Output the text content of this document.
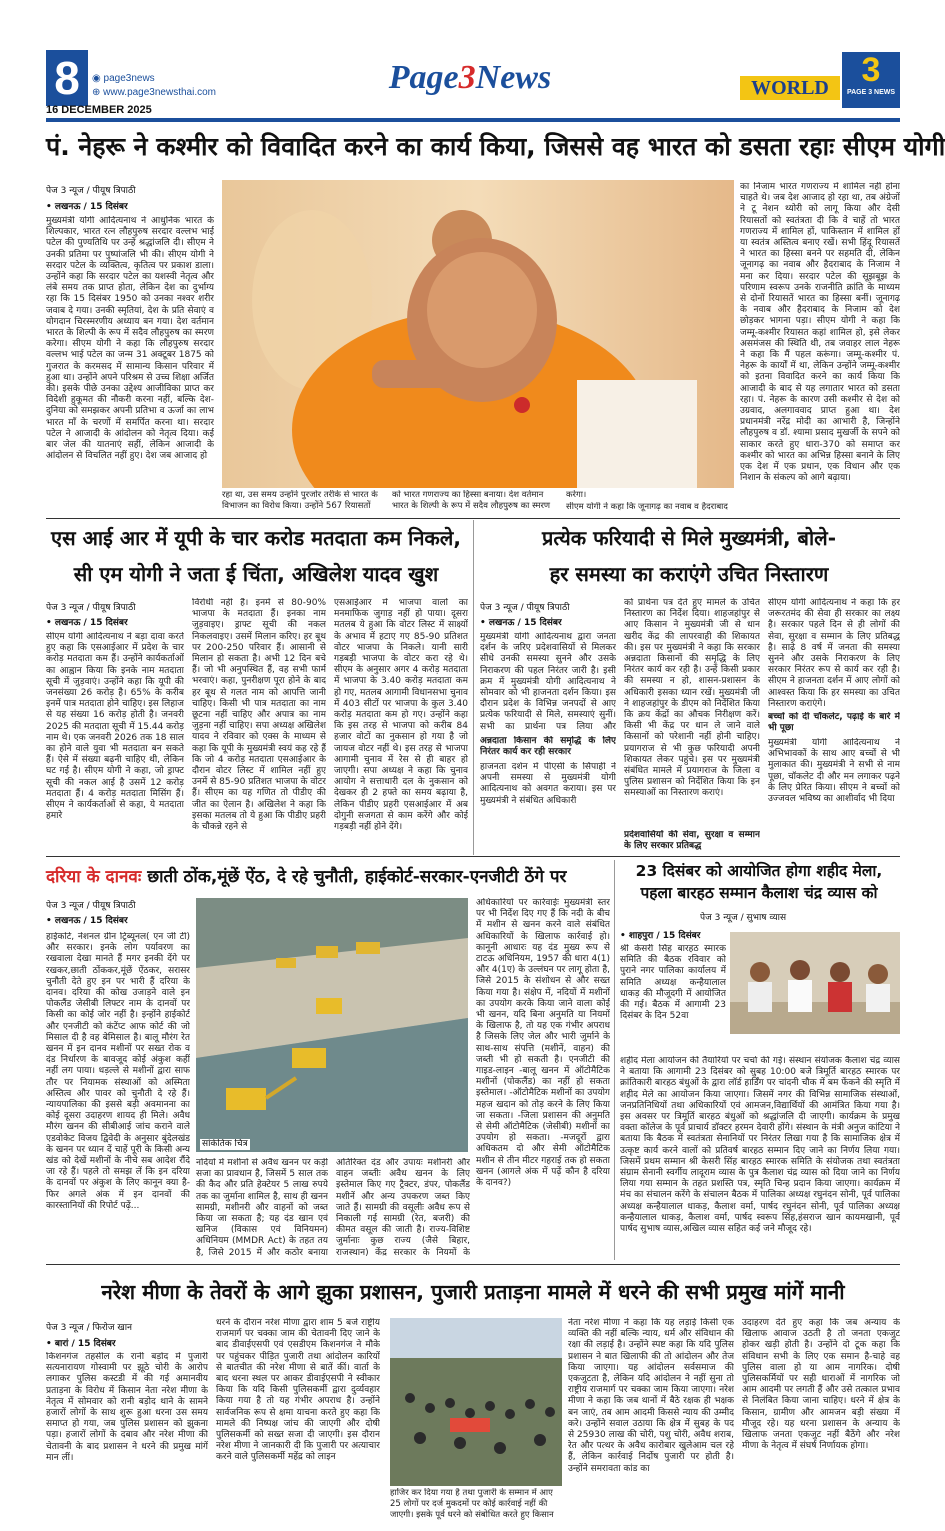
8	◉ page3news
⊕ www.page3newsthai.com	Page3News
16 DECEMBER 2025
WORLD 3
PAGE 3 NEWS
पं. नेहरू ने कश्मीर को विवादित करने का कार्य किया, जिससे वह भारत को डसता रहाः सीएम योगी
पेज 3 न्यूज / पीयूष त्रिपाठी
• लखनऊ / 15 दिसंबर
मुख्यमंत्री योगी आदित्यनाथ ने आधुनिक भारत के शिल्पकार, भारत रत्न लौहपुरुष सरदार वल्लभ भाई पटेल की पुण्यतिथि पर उन्हें श्रद्धांजलि दी। सीएम ने उनकी प्रतिमा पर पुष्पांजलि भी की। सीएम योगी ने सरदार पटेल के व्यक्तित्व, कृतित्व पर प्रकाश डाला। उन्होंने कहा कि सरदार पटेल का यशस्वी नेतृत्व और लंबे समय तक प्राप्त होता, लेकिन देश का दुर्भाग्य रहा कि 15 दिसंबर 1950 को उनका नश्वर शरीर जवाब दे गया। उनकी स्मृतियां, देश के प्रति सेवाएं व योगदान चिरस्मरणीय अध्याय बन गया। देश वर्तमान भारत के शिल्पी के रूप में सदैव लौहपुरुष का स्मरण करेगा। सीएम योगी ने कहा कि लौहपुरुष सरदार वल्लभ भाई पटेल का जन्म 31 अक्टूबर 1875 को गुजरात के करमसद में सामान्य किसान परिवार में हुआ था। उन्होंने अपने परिश्रम से उच्च शिक्षा अर्जित की। इसके पीछे उनका उद्देश्य आजीविका प्राप्त कर विदेशी हुकूमत की नौकरी करना नहीं, बल्कि देश-दुनिया को समझकर अपनी प्रतिभा व ऊर्जा का लाभ भारत माँ के चरणों में समर्पित करना था। सरदार पटेल ने आजादी के आंदोलन को नेतृत्व दिया। कई बार जेल की यातनाएं सहीं, लेकिन आजादी के आंदोलन से विचलित नहीं हुए। देश जब आजाद हो
रहा था, उस समय उन्होंने पुरजोर तरीके से भारत के विभाजन का विरोध किया। उन्होंने 567 रियासतों
को भारत गणराज्य का हिस्सा बनाया। देश वर्तमान भारत के शिल्पी के रूप में सदैव लौहपुरुष का स्मरण
करेगा।
सीएम योगी ने कहा कि जूनागढ़ का नवाब व हैदराबाद
का निजाम भारत गणराज्य में शामिल नहीं होना चाहते थे। जब देश आजाद हो रहा था, तब अंग्रेजों ने टू नेशन थ्योरी को लागू किया और देसी रियासतों को स्वतंत्रता दी कि वे चाहें तो भारत गणराज्य में शामिल हों, पाकिस्तान में शामिल हों या स्वतंत्र अस्तित्व बनाए रखें। सभी हिंदू रियासतें ने भारत का हिस्सा बनने पर सहमति दी, लेकिन जूनागढ़ का नवाब और हैदराबाद के निजाम ने मना कर दिया। सरदार पटेल की सूझबूझ के परिणाम स्वरूप उनके राजनीति क्रांति के माध्यम से दोनों रियासतें भारत का हिस्सा बनीं। जूनागढ़ के नवाब और हैदराबाद के निजाम को देश छोड़कर भागना पड़ा। सीएम योगी ने कहा कि जम्मू-कश्मीर रियासत कहां शामिल हो, इसे लेकर असमंजस की स्थिति थी, तब जवाहर लाल नेहरू ने कहा कि मैं पहल करूंगा। जम्मू-कश्मीर पं. नेहरू के कार्यों में था, लेकिन उन्होंने जम्मू-कश्मीर को इतना विवादित करने का कार्य किया कि आजादी के बाद से यह लगातार भारत को डसता रहा। पं. नेहरू के कारण उसी कश्मीर से देश को उग्रवाद, अलगाववाद प्राप्त हुआ था। देश प्रधानमंत्री नरेंद्र मोदी का आभारी है, जिन्होंने लौहपुरुष व डॉ. श्यामा प्रसाद मुखर्जी के सपने को साकार करते हुए धारा-370 को समाप्त कर कश्मीर को भारत का अभिन्न हिस्सा बनाने के लिए एक देश में एक प्रधान, एक विधान और एक निशान के संकल्प को आगे बढ़ाया।
एस आई आर में यूपी के चार करोड मतदाता कम निकले,
सी एम योगी ने जता ई चिंता, अखिलेश यादव खुश
पेज 3 न्यूज / पीयूष त्रिपाठी
• लखनऊ / 15 दिसंबर
सीएम योगी आदित्यनाथ ने बड़ा दावा करते हुए कहा कि एसआईआर में प्रदेश के चार करोड़ मतदाता कम हैं। उन्होंने कार्यकर्ताओं का आह्वान किया कि इनके नाम मतदाता सूची में जुड़वाएं। उन्होंने कहा कि यूपी की जनसंख्या 26 करोड़ है। 65% के करीब इनमें पात्र मतदाता होने चाहिए। इस लिहाज से यह संख्या 16 करोड़ होती है। जनवरी 2025 की मतदाता सूची में 15.44 करोड़ नाम थे। एक जनवरी 2026 तक 18 साल का होने वाले युवा भी मतदाता बन सकते हैं। ऐसे में संख्या बढ़नी चाहिए थी, लेकिन घट गई है। सीएम योगी ने कहा, जो ड्राफ्ट सूची की नकल आई है उसमें 12 करोड़ मतदाता हैं। 4 करोड़ मतदाता मिसिंग हैं। सीएम ने कार्यकर्ताओं से कहा, ये मतदाता हमारे
विरोधी नहीं हैं। इनमें से 80-90% भाजपा के मतदाता हैं। इनका नाम जुड़वाइए। ड्राफ्ट सूची की नकल निकलवाइए। उसमें मिलान करिए। हर बूथ पर 200-250 परिवार हैं। आसानी से मिलान हो सकता है। अभी 12 दिन बचे हैं। जो भी अनुपस्थित हैं, वह सभी फार्म भरवाएं। कहा, पुनरीक्षण पूरा होने के बाद हर बूथ से गलत नाम को आपत्ति जानी चाहिए। किसी भी पात्र मतदाता का नाम छूटना नहीं चाहिए और अपात्र का नाम जुड़ना नहीं चाहिए। सपा अध्यक्ष अखिलेश यादव ने रविवार को एक्स के माध्यम से कहा कि यूपी के मुख्यमंत्री स्वयं कह रहे हैं कि जो 4 करोड़ मतदाता एसआईआर के दौरान वोटर लिस्ट में शामिल नहीं हुए उनमें से 85-90 प्रतिशत भाजपा के वोटर हैं। सीएम का यह गणित तो पीडीए की जीत का ऐलान है। अखिलेश ने कहा कि इसका मतलब तो ये हुआ कि पीडीए प्रहरी के चौकन्ने रहने से
एसआईआर में भाजपा वालों का मनमाफिक जुगाड़ नहीं हो पाया। दूसरा मतलब ये हुआ कि वोटर लिस्ट में साक्ष्यों के अभाव में हटाए गए 85-90 प्रतिशत वोटर भाजपा के निकले। यानी सारी गड़बड़ी भाजपा के वोटर करा रहे थे। सीएम के अनुसार अगर 4 करोड़ मतदाता में भाजपा के 3.40 करोड़ मतदाता कम हो गए, मतलब आगामी विधानसभा चुनाव में 403 सीटों पर भाजपा के कुल 3.40 करोड़ मतदाता कम हो गए। उन्होंने कहा कि इस तरह से भाजपा को करीब 84 हजार वोटों का नुकसान हो गया है जो जायज वोटर नहीं थे। इस तरह से भाजपा आगामी चुनाव में रेस से ही बाहर हो जाएगी। सपा अध्यक्ष ने कहा कि चुनाव आयोग ने सत्ताधारी दल के नुकसान को देखकर ही 2 हफ्ते का समय बढ़ाया है, लेकिन पीडीए प्रहरी एसआईआर में अब दोगुनी सजगता से काम करेंगे और कोई गड़बड़ी नहीं होने देंगे।
प्रत्येक फरियादी से मिले मुख्यमंत्री, बोले-
हर समस्या का कराएंगे उचित निस्तारण
पेज 3 न्यूज / पीयूष त्रिपाठी
• लखनऊ / 15 दिसंबर
मुख्यमंत्री योगी आदित्यनाथ द्वारा जनता दर्शन के जरिए प्रदेशवासियों से मिलकर सीधे उनकी समस्या सुनने और उसके निराकरण की पहल निरंतर जारी है। इसी क्रम में मुख्यमंत्री योगी आदित्यनाथ ने सोमवार को भी हाजनता दर्शन किया। इस दौरान प्रदेश के विभिन्न जनपदों से आए प्रत्येक फरियादी से मिले, समस्याएं सुनीं। सभी का प्रार्थना पत्र लिया और
अन्नदाता किसान की समृद्धि के लिए निरंतर कार्य कर रही सरकार
हाजनता दर्शन में पीएसी के सिपाही ने अपनी समस्या से मुख्यमंत्री योगी आदित्यनाथ को अवगत कराया। इस पर मुख्यमंत्री ने संबंधित अधिकारी
को प्रार्थना पत्र देते हुए मामले के उचित निस्तारण का निर्देश दिया। शाहजहांपुर से आए किसान ने मुख्यमंत्री जी से धान खरीद केंद्र की लापरवाही की शिकायत की। इस पर मुख्यमंत्री ने कहा कि सरकार अन्नदाता किसानों की समृद्धि के लिए निरंतर कार्य कर रही है। उन्हें किसी प्रकार की समस्या न हो, शासन-प्रशासन के अधिकारी इसका ध्यान रखें। मुख्यमंत्री जी ने शाहजहांपुर के डीएम को निर्देशित किया कि क्रय केंद्रों का औचक निरीक्षण करें। किसी भी केंद्र पर धान ले जाने वाले किसानों को परेशानी नहीं होनी चाहिए। प्रयागराज से भी कुछ फरियादी अपनी शिकायत लेकर पहुंचे। इस पर मुख्यमंत्री संबंधित मामले में प्रयागराज के जिला व पुलिस प्रशासन को निर्देशित किया कि इन समस्याओं का निस्तारण कराएं।
प्रदेशवासियों की सेवा, सुरक्षा व सम्मान के लिए सरकार प्रतिबद्ध
सीएम योगी आदित्यनाथ ने कहा कि हर जरूरतमंद की सेवा ही सरकार का लक्ष्य है। सरकार पहले दिन से ही लोगों की सेवा, सुरक्षा व सम्मान के लिए प्रतिबद्ध है। साढ़े 8 वर्ष में जनता की समस्या सुनने और उसके निराकरण के लिए सरकार निरंतर रूप से कार्य कर रही है। सीएम ने हाजनता दर्शन में आए लोगों को आश्वस्त किया कि हर समस्या का उचित निस्तारण कराएंगे।
बच्चों को दी चॉकलेट, पढ़ाई के बारे में भी पूछा
मुख्यमंत्री योगी आदित्यनाथ ने अभिभावकों के साथ आए बच्चों से भी मुलाकात की। मुख्यमंत्री ने सभी से नाम पूछा, चॉकलेट दी और मन लगाकर पढ़ने के लिए प्रेरित किया। सीएम ने बच्चों को उज्जवल भविष्य का आशीर्वाद भी दिया
दरिया के दानवः छाती ठोंक,मूंछें ऐंठ, दे रहे चुनौती, हाईकोर्ट-सरकार-एनजीटी ठेंगे पर
पेज 3 न्यूज / पीयूष त्रिपाठी
• लखनऊ / 15 दिसंबर
हाईकोर्ट, नेशनल ग्रीन ट्रिब्यूनल( एन जी टी) और सरकार। इनके लोग पर्यावरण का रखवाला देखा मानते हैं मगर इनकी देंगे पर रखकर,छाती ठोंककर,मूंछें ऐंठकर, सरासर चुनौती देते हुए इन पर भारी हैं दरिया के दानव। दरिया की कोख उजाड़ने वाले इन पोकलैंड जेसीबी लिफ्टर नाम के दानवों पर किसी का कोई जोर नहीं है। इन्होंने हाईकोर्ट और एनजीटी को कंटेंप्ट आफ कोर्ट की जो मिसाल दी है वह बेमिसाल है। बालू मौरंग रेत खनन में इन दानव मशीनों पर सख्त रोक व दंड निर्धारण के बावजूद कोई अंकुश कहीं नहीं लग पाया। धड़ल्ले से मशीनों द्वारा साफ तौर पर नियामक संस्थाओं को अस्मिता अस्तित्व और पावर को चुनौती दे रहे हैं। न्यायपालिका की इससे बड़ी अवमानना का कोई दूसरा उदाहरण शायद ही मिले। अवैध मौरंग खनन की सीबीआई जांच कराने वाले एडवोकेट विजय द्विवेदी के अनुसार बुंदेलखंड के खनन पर ध्यान दें चाहें पूरी के किसी अन्य खंड को देखें मशीनों के नीचे सब आदेश रौंदे जा रहे हैं। पहले तो समझ लें कि इन दरिया के दानवों पर अंकुश के लिए कानून क्या है- फिर अगले अंक में इन दानवों की कारस्तानियों की रिपोर्ट पढ़ें...
सांकेतिक चित्र
नदियों में मशीनों से अवैध खनन पर कड़ी सजा का प्रावधान है, जिसमें 5 साल तक की कैद और प्रति हेक्टेयर 5 लाख रुपये तक का जुर्माना शामिल है, साथ ही खनन सामग्री, मशीनरी और वाहनों को जब्त किया जा सकता है; यह दंड खान एवं खनिज (विकास एवं विनियमन) अधिनियम (MMDR Act) के तहत तय है, जिसे 2015 में और कठोर बनाया
अतिरिक्त दंड और उपायः मशीनरी और वाहन जब्तीः अवैध खनन के लिए इस्तेमाल किए गए ट्रैक्टर, डंपर, पोकलैंड मशीनें और अन्य उपकरण जब्त किए जाते हैं। सामग्री की वसूलीः अवैध रूप से निकाली गई सामग्री (रेत, बजरी) की कीमत वसूल की जाती है। राज्य-विशिष्ट जुर्मानाः कुछ राज्य (जैसे बिहार, राजस्थान) केंद्र सरकार के नियमों के
अधिकारियों पर कार्रवाईः मुख्यमंत्री स्तर पर भी निर्देश दिए गए हैं कि नदी के बीच में मशीन से खनन करने वाले संबंधित अधिकारियों के खिलाफ कार्रवाई हो। कानूनी आधारः यह दंड मुख्य रूप से टाटऊ अधिनियम, 1957 की धारा 4(1) और 4(1ए) के उल्लंघन पर लागू होता है, जिसे 2015 के संशोधन से और सख्त किया गया है। संक्षेप में, नदियों में मशीनों का उपयोग करके किया जाने वाला कोई भी खनन, यदि बिना अनुमति या नियमों के खिलाफ है, तो यह एक गंभीर अपराध है जिसके लिए जेल और भारी जुर्माने के साथ-साथ संपत्ति (मशीनें, वाहन) की जब्ती भी हो सकती है। एनजीटी की गाइड-लाइन -बालू खनन में ऑटोमैटिक मशीनों (पोकलैंड) का नहीं हो सकता इस्तेमाल। -ऑटोमैटिक मशीनों का उपयोग महज खदान को तोड़ करने के लिए किया जा सकता। -जिला प्रशासन की अनुमति से सेमी ऑटोमैटिक (जेसीबी) मशीनों का उपयोग हो सकता। -मजदूरों द्वारा अधिकतम दो और सेमी ऑटोमैटिक मशीन से तीन मीटर गहराई तक हो सकता खनन (आगले अंक में पढ़ें कौन है दरिया के दानव?)
23 दिसंबर को आयोजित होगा शहीद मेला,
पहला बारहठ सम्मान कैलाश चंद्र व्यास को
पेज 3 न्यूज / सुभाष व्यास
• शाहपुरा / 15 दिसंबर
श्री केसरी सिंह बारहठ स्मारक समिति की बैठक रविवार को पुराने नगर पालिका कार्यालय में समिति अध्यक्ष कन्हैयालाल धाकड़ की मौजूदगी में आयोजित की गई। बैठक में आगामी 23 दिसंबर के दिन 52वा
शहीद मेला आयोजन की तैयारियों पर चर्चा की गई। संस्थान संयोजक कैलाश चंद्र व्यास ने बताया कि आगामी 23 दिसंबर को सुबह 10:00 बजे त्रिमूर्ति बारहठ स्मारक पर क्रांतिकारी बारहठ बंधुओं के द्वारा लॉर्ड हार्डिंग पर चांदनी चौक में बम फेंकने की स्मृति में शहीद मेले का आयोजन किया जाएगा। जिसमें नगर की विभिन्न सामाजिक संस्थाओं, जनप्रतिनिधियों तथा अधिकारियों एवं आमजन,विद्यार्थियों की आमंत्रित किया गया है। इस अवसर पर त्रिमूर्ति बारहठ बंधुओं को श्रद्धांजलि दी जाएगी। कार्यक्रम के प्रमुख वक्ता कॉलेज के पूर्व प्राचार्य डॉक्टर हरमन देवारी होंगे। संस्थान के मंत्री अनुज कांटिया ने बताया कि बैठक में स्वतंत्रता सेनानियों पर निरंतर लिखा गया है कि सामाजिक क्षेत्र में उत्कृष्ट कार्य करने वालों को प्रतिवर्ष बारहठ सम्मान दिए जाने का निर्णय लिया गया। जिसमें प्रथम सम्मान श्री केसरी सिंह बारहठ स्मारक समिति के संयोजक तथा स्वतंत्रता संग्राम सेनानी स्वर्गीय लादूराम व्यास के पुत्र कैलाश चंद्र व्यास को दिया जाने का निर्णय लिया गया सम्मान के तहत प्रशस्ति पत्र, स्मृति चिन्ह प्रदान किया जाएगा। कार्यक्रम में मंच का संचालन करेंगे के संचालन बैठक में पालिका अध्यक्ष रघुनंदन सोनी, पूर्व पालिका अध्यक्ष कन्हैयालाल धाकड़, कैलाश वर्मा, पार्षद रघुनंदन सोनी, पूर्व पालिका अध्यक्ष कन्हैयालाल धाकड़, कैलाश वर्मा, पार्षद स्वरूप सिंह,हंसराज खान कायमखानी, पूर्व पार्षद सुभाष व्यास,अखिल व्यास सहित कई जने मौजूद रहे।
नरेश मीणा के तेवरों के आगे झुका प्रशासन, पुजारी प्रताड़ना मामले में धरने की सभी प्रमुख मांगें मानी
पेज 3 न्यूज / फिरोज खान
• बारां / 15 दिसंबर
किशनगंज तहसील के रानी बड़ोद में पुजारी सत्यनारायण गोस्वामी पर झूठे चोरी के आरोप लगाकर पुलिस कस्टडी में की गई अमानवीय प्रताड़ना के विरोध में किसान नेता नरेश मीणा के नेतृत्व में सोमवार को रानी बड़ोद थाने के सामने हजारों लोगों के साथ शुरू हुआ धरना उस समय समाप्त हो गया, जब पुलिस प्रशासन को झुकना पड़ा। हजारों लोगों के दबाव और नरेश मीणा की चेतावनी के बाद प्रशासन ने धरने की प्रमुख मांगें मान लीं।
धरने के दौरान नरेश मीणा द्वारा शाम 5 बजे राष्ट्रीय राजमार्ग पर चक्का जाम की चेतावनी दिए जाने के बाद डीवाईएसपी एवं एसडीएम किशनगंज ने मौके पर पहुंचकर पीड़ित पुजारी तथा आंदोलन कारियों से बातचीत की नरेश मीणा से बातें कीं। वार्ता के बाद धरना स्थल पर आकर डीवाईएसपी ने स्वीकार किया कि यदि किसी पुलिसकर्मी द्वारा दुर्व्यवहार किया गया है तो यह गंभीर अपराध है। उन्होंने सार्वजनिक रूप से क्षमा याचना करते हुए कहा कि मामले की निष्पक्ष जांच की जाएगी और दोषी पुलिसकर्मी को सख्त सजा दी जाएगी। इस दौरान नरेश मीणा ने जानकारी दी कि पुजारी पर अत्याचार करने वाले पुलिसकर्मी महेंद्र को लाइन
हाजिर कर दिया गया है तथा पुजारी के सम्मान में आए 25 लोगों पर दर्ज मुकदमों पर कोई कार्रवाई नहीं की जाएगी। इसके पूर्व धरने को संबोधित करते हुए किसान
नेता नरेश मीणा ने कहा कि यह लड़ाई किसी एक व्यक्ति की नहीं बल्कि न्याय, धर्म और संविधान की रक्षा की लड़ाई है। उन्होंने स्पष्ट कहा कि यदि पुलिस प्रशासन ने बात खिलाफी की तो आंदोलन और तेज किया जाएगा। यह आंदोलन सर्वसमाज की एकजुटता है, लेकिन यदि आंदोलन ने नहीं सुना तो राष्ट्रीय राजमार्ग पर चक्का जाम किया जाएगा। नरेश मीणा ने कहा कि जब थानों में बैठे रक्षक ही भक्षक बन जाएं, तब आम आदमी किससे न्याय की उम्मीद करे। उन्होंने सवाल उठाया कि क्षेत्र में सुबह के पद से 25930 लाख की चोरी, पशु चोरी, अवैध शराब, रेत और पत्थर के अवैध कारोबार खुलेआम चल रहे हैं, लेकिन कार्रवाई निर्दोष पुजारी पर होती है। उन्होंने समरावता कांड का
उदाहरण देते हुए कहा कि जब अन्याय के खिलाफ आवाज उठती है तो जनता एकजुट होकर खड़ी होती है। उन्होंने दो टूक कहा कि संविधान सभी के लिए एक समान है-चाहे वह पुलिस वाला हो या आम नागरिक। दोषी पुलिसकर्मियों पर सही धाराओं में नागरिक जो आम आदमी पर लगती हैं और उसे तत्काल प्रभाव से निलंबित किया जाना चाहिए। धरने में क्षेत्र के किसान, ग्रामीण और आमजन बड़ी संख्या में मौजूद रहे। यह धरना प्रशासन के अन्याय के खिलाफ जनता एकजुट नहीं बैठेंगे और नरेश मीणा के नेतृत्व में संघर्ष निर्णायक होगा।
